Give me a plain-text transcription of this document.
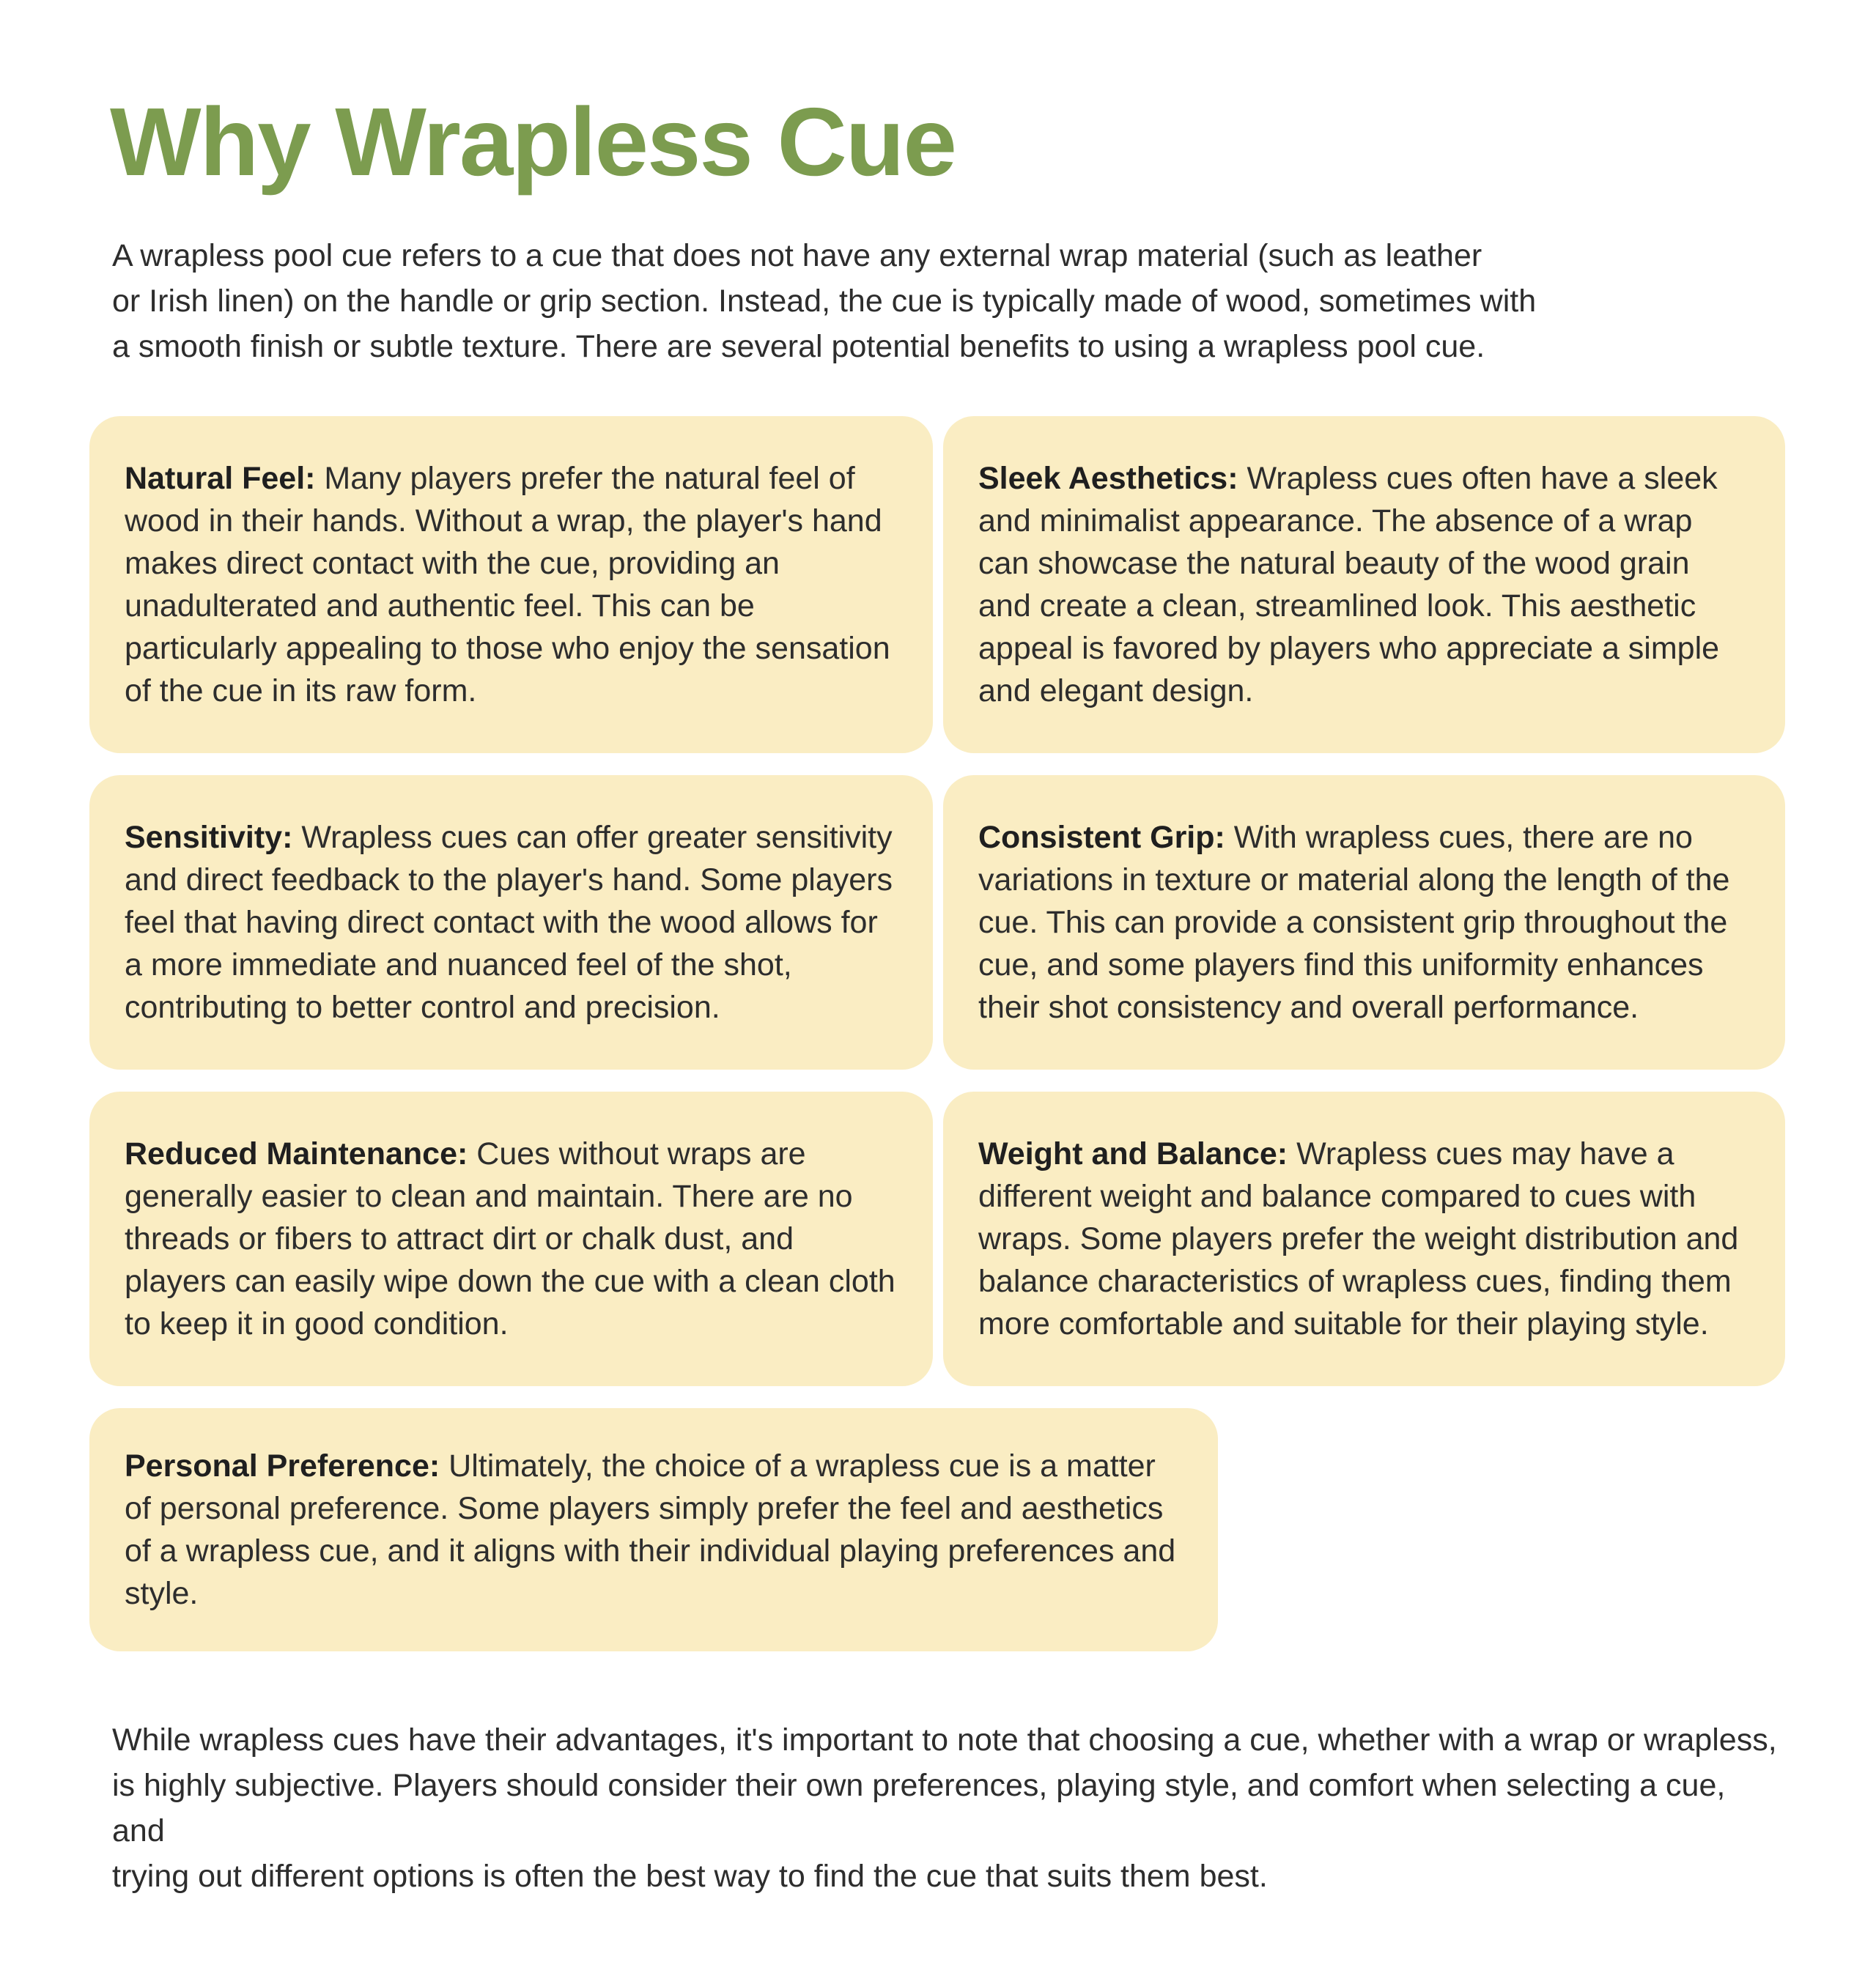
Why Wrapless Cue
A wrapless pool cue refers to a cue that does not have any external wrap material (such as leather
or Irish linen) on the handle or grip section. Instead, the cue is typically made of wood, sometimes with
a smooth finish or subtle texture. There are several potential benefits to using a wrapless pool cue.

Natural Feel: Many players prefer the natural feel of wood in their hands. Without a wrap, the player's hand makes direct contact with the cue, providing an unadulterated and authentic feel. This can be particularly appealing to those who enjoy the sensation of the cue in its raw form.

Sleek Aesthetics: Wrapless cues often have a sleek and minimalist appearance. The absence of a wrap can showcase the natural beauty of the wood grain and create a clean, streamlined look. This aesthetic appeal is favored by players who appreciate a simple and elegant design.

Sensitivity: Wrapless cues can offer greater sensitivity and direct feedback to the player's hand. Some players feel that having direct contact with the wood allows for a more immediate and nuanced feel of the shot, contributing to better control and precision.

Consistent Grip: With wrapless cues, there are no variations in texture or material along the length of the cue. This can provide a consistent grip throughout the cue, and some players find this uniformity enhances their shot consistency and overall performance.

Reduced Maintenance: Cues without wraps are generally easier to clean and maintain. There are no threads or fibers to attract dirt or chalk dust, and players can easily wipe down the cue with a clean cloth to keep it in good condition.

Weight and Balance: Wrapless cues may have a different weight and balance compared to cues with wraps. Some players prefer the weight distribution and balance characteristics of wrapless cues, finding them more comfortable and suitable for their playing style.

Personal Preference: Ultimately, the choice of a wrapless cue is a matter of personal preference. Some players simply prefer the feel and aesthetics of a wrapless cue, and it aligns with their individual playing preferences and style.

While wrapless cues have their advantages, it's important to note that choosing a cue, whether with a wrap or wrapless,
is highly subjective. Players should consider their own preferences, playing style, and comfort when selecting a cue, and
trying out different options is often the best way to find the cue that suits them best.
